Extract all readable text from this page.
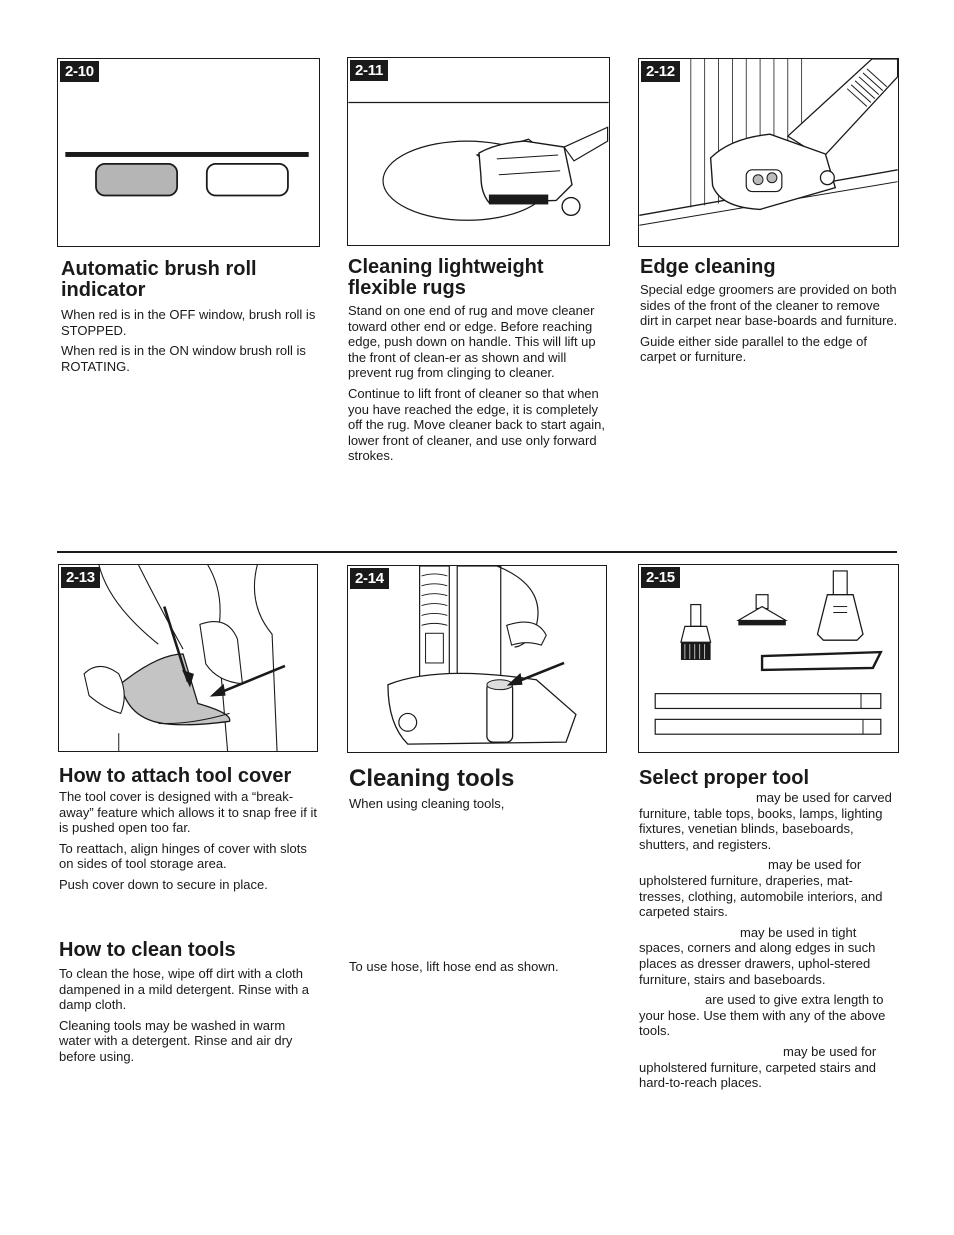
2-10	2-11	2-12
Automatic brush roll indicator

When red is in the OFF window, brush roll is STOPPED.

When red is in the ON window brush roll is ROTATING.

Cleaning lightweight flexible rugs

Stand on one end of rug and move cleaner toward other end or edge. Before reaching edge, push down on handle. This will lift up the front of clean-er as shown and will prevent rug from clinging to cleaner.

Continue to lift front of cleaner so that when you have reached the edge, it is completely off the rug. Move cleaner back to start again, lower front of cleaner, and use only forward strokes.

Edge cleaning

Special edge groomers are provided on both sides of the front of the cleaner to remove dirt in carpet near base-boards and furniture.

Guide either side parallel to the edge of carpet or furniture.

2-13	2-14	2-15
How to attach tool cover

The tool cover is designed with a “break-away” feature which allows it to snap free if it is pushed open too far.

To reattach, align hinges of cover with slots on sides of tool storage area.

Push cover down to secure in place.

How to clean tools

To clean the hose, wipe off dirt with a cloth dampened in a mild detergent. Rinse with a damp cloth.

Cleaning tools may be washed in warm water with a detergent. Rinse and air dry before using.

Cleaning tools

When using cleaning tools,

To use hose, lift hose end as shown.

Select proper tool

may be used for carved furniture, table tops, books, lamps, lighting fixtures, venetian blinds, baseboards, shutters, and registers.

may be used for upholstered furniture, draperies, mat-tresses, clothing, automobile interiors, and carpeted stairs.

may be used in tight spaces, corners and along edges in such places as dresser drawers, uphol-stered furniture, stairs and baseboards.

are used to give extra length to your hose. Use them with any of the above tools.

may be used for upholstered furniture, carpeted stairs and hard-to-reach places.
